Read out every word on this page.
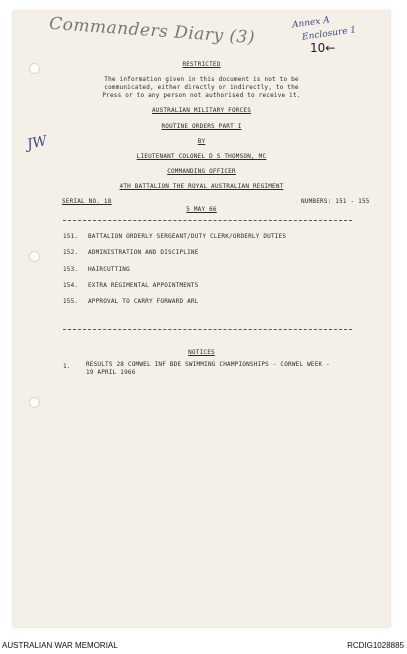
Commanders Diary (3)	Annex A
Enclosure 1
10←
JW
RESTRICTED
The information given in this document is not to be
communicated, either directly or indirectly, to the
Press or to any person not authorised to receive it.
AUSTRALIAN MILITARY FORCES
ROUTINE ORDERS PART I
BY
LIEUTENANT COLONEL D S THOMSON, MC
COMMANDING OFFICER
4TH BATTALION THE ROYAL AUSTRALIAN REGIMENT
SERIAL NO. 18
5 MAY 66
NUMBERS: 151 - 155
151. BATTALION ORDERLY SERGEANT/DUTY CLERK/ORDERLY DUTIES
152. ADMINISTRATION AND DISCIPLINE
153. HAIRCUTTING
154. EXTRA REGIMENTAL APPOINTMENTS
155. APPROVAL TO CARRY FORWARD ARL
NOTICES
1.	RESULTS 28 COMWEL INF BDE SWIMMING CHAMPIONSHIPS - CORWEL WEEK -
19 APRIL 1966
AUSTRALIAN WAR MEMORIAL	RCDIG1028885
